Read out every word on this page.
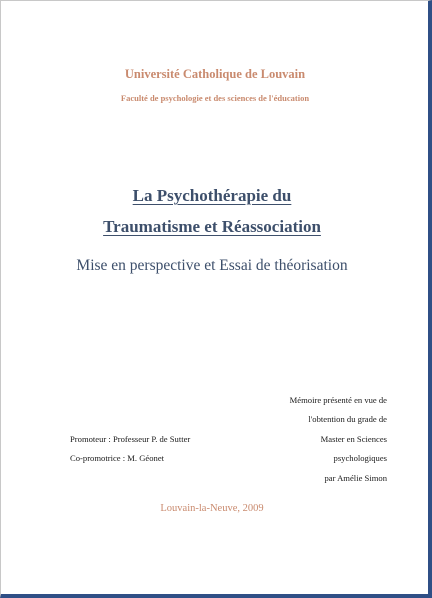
Université Catholique de Louvain
Faculté de psychologie et des sciences de l'éducation
La Psychothérapie du
Traumatisme et Réassociation
Mise en perspective et Essai de théorisation
Mémoire présenté en vue de
l'obtention du grade de
Master en Sciences
psychologiques
par Amélie Simon
Promoteur : Professeur P. de Sutter
Co-promotrice : M. Géonet
Louvain-la-Neuve, 2009
